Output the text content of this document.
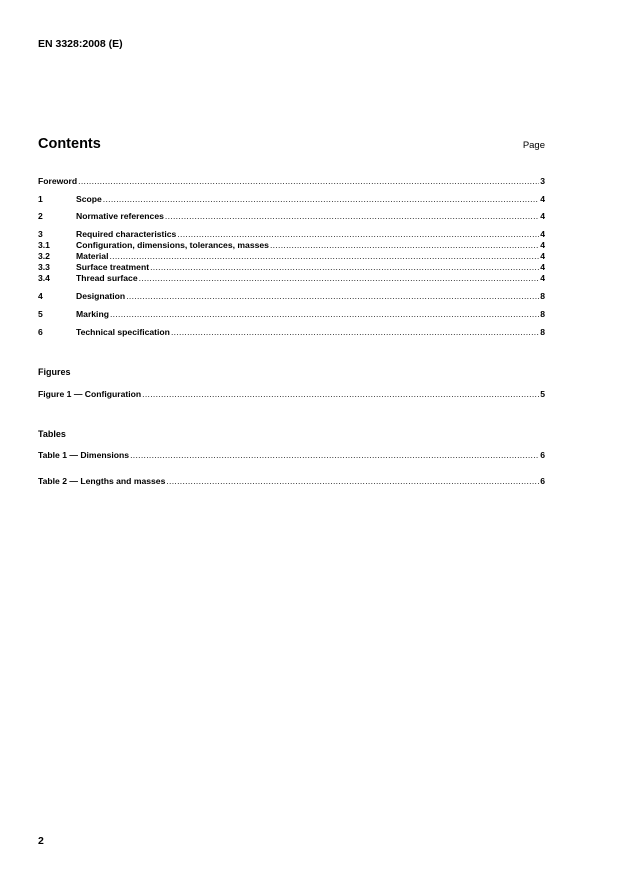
EN 3328:2008 (E)
Contents	Page
Foreword .....	3
1	Scope .....	4
2	Normative references .....	4
3	Required characteristics .....	4
3.1	Configuration, dimensions, tolerances, masses .....	4
3.2	Material .....	4
3.3	Surface treatment .....	4
3.4	Thread surface .....	4
4	Designation .....	8
5	Marking .....	8
6	Technical specification .....	8
Figures
Figure 1 — Configuration .....	5
Tables
Table 1 — Dimensions .....	6
Table 2 — Lengths and masses .....	6
2
